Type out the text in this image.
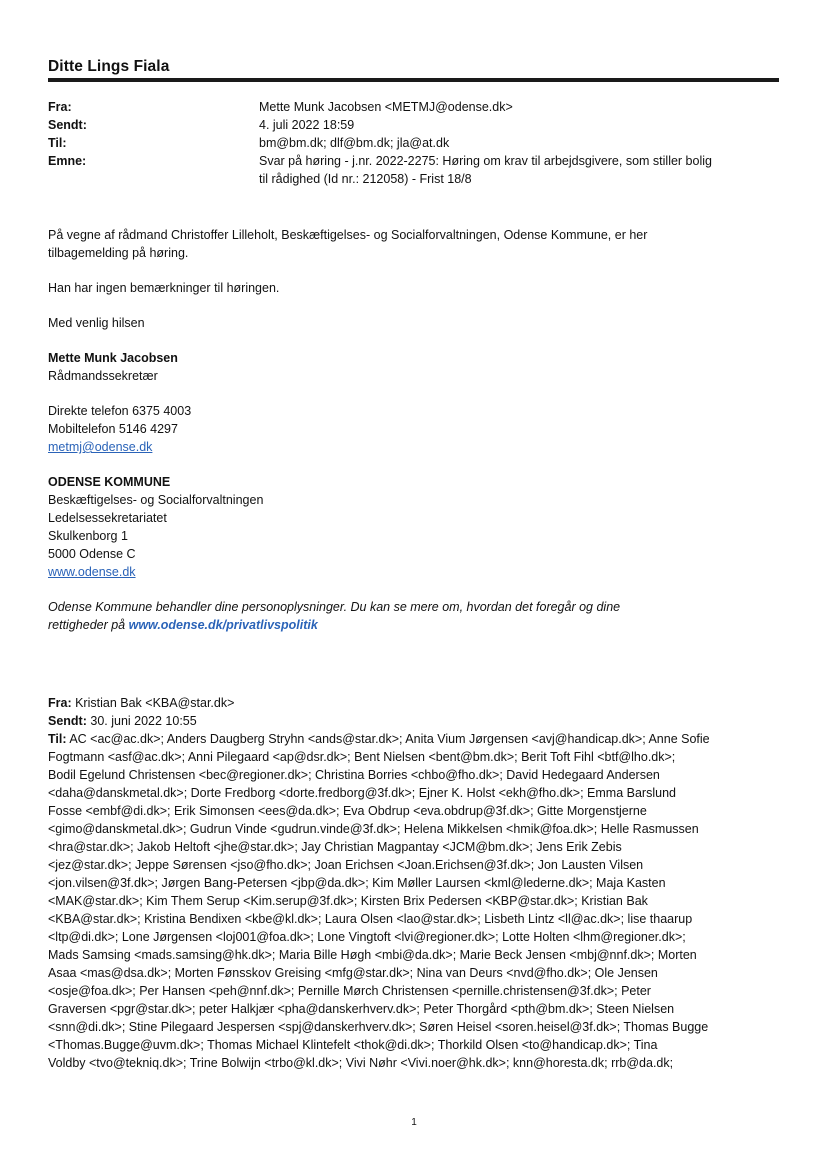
Ditte Lings Fiala
Fra:	Mette Munk Jacobsen <METMJ@odense.dk>
Sendt:	4. juli 2022 18:59
Til:	bm@bm.dk; dlf@bm.dk; jla@at.dk
Emne:	Svar på høring - j.nr. 2022-2275: Høring om krav til arbejdsgivere, som stiller bolig
til rådighed (Id nr.: 212058) - Frist 18/8

På vegne af rådmand Christoffer Lilleholt, Beskæftigelses- og Socialforvaltningen, Odense Kommune, er her
tilbagemelding på høring.

Han har ingen bemærkninger til høringen.

Med venlig hilsen

Mette Munk Jacobsen

Rådmandssekretær

Direkte telefon 6375 4003

Mobiltelefon 5146 4297

metmj@odense.dk

ODENSE KOMMUNE

Beskæftigelses- og Socialforvaltningen

Ledelsessekretariatet

Skulkenborg 1

5000 Odense C

www.odense.dk

Odense Kommune behandler dine personoplysninger. Du kan se mere om, hvordan det foregår og dine
rettigheder på www.odense.dk/privatlivspolitik

Fra: Kristian Bak <KBA@star.dk>

Sendt: 30. juni 2022 10:55

Til: AC <ac@ac.dk>; Anders Daugberg Stryhn <ands@star.dk>; Anita Vium Jørgensen <avj@handicap.dk>; Anne Sofie

Fogtmann <asf@ac.dk>; Anni Pilegaard <ap@dsr.dk>; Bent Nielsen <bent@bm.dk>; Berit Toft Fihl <btf@lho.dk>;

Bodil Egelund Christensen <bec@regioner.dk>; Christina Borries <chbo@fho.dk>; David Hedegaard Andersen

<daha@danskmetal.dk>; Dorte Fredborg <dorte.fredborg@3f.dk>; Ejner K. Holst <ekh@fho.dk>; Emma Barslund

Fosse <embf@di.dk>; Erik Simonsen <ees@da.dk>; Eva Obdrup <eva.obdrup@3f.dk>; Gitte Morgenstjerne

<gimo@danskmetal.dk>; Gudrun Vinde <gudrun.vinde@3f.dk>; Helena Mikkelsen <hmik@foa.dk>; Helle Rasmussen

<hra@star.dk>; Jakob Heltoft <jhe@star.dk>; Jay Christian Magpantay <JCM@bm.dk>; Jens Erik Zebis

<jez@star.dk>; Jeppe Sørensen <jso@fho.dk>; Joan Erichsen <Joan.Erichsen@3f.dk>; Jon Lausten Vilsen

<jon.vilsen@3f.dk>; Jørgen Bang-Petersen <jbp@da.dk>; Kim Møller Laursen <kml@lederne.dk>; Maja Kasten

<MAK@star.dk>; Kim Them Serup <Kim.serup@3f.dk>; Kirsten Brix Pedersen <KBP@star.dk>; Kristian Bak

<KBA@star.dk>; Kristina Bendixen <kbe@kl.dk>; Laura Olsen <lao@star.dk>; Lisbeth Lintz <ll@ac.dk>; lise thaarup

<ltp@di.dk>; Lone Jørgensen <loj001@foa.dk>; Lone Vingtoft <lvi@regioner.dk>; Lotte Holten <lhm@regioner.dk>;

Mads Samsing <mads.samsing@hk.dk>; Maria Bille Høgh <mbi@da.dk>; Marie Beck Jensen <mbj@nnf.dk>; Morten

Asaa <mas@dsa.dk>; Morten Fønsskov Greising <mfg@star.dk>; Nina van Deurs <nvd@fho.dk>; Ole Jensen

<osje@foa.dk>; Per Hansen <peh@nnf.dk>; Pernille Mørch Christensen <pernille.christensen@3f.dk>; Peter

Graversen <pgr@star.dk>; peter Halkjær <pha@danskerhverv.dk>; Peter Thorgård <pth@bm.dk>; Steen Nielsen

<snn@di.dk>; Stine Pilegaard Jespersen <spj@danskerhverv.dk>; Søren Heisel <soren.heisel@3f.dk>; Thomas Bugge

<Thomas.Bugge@uvm.dk>; Thomas Michael Klintefelt <thok@di.dk>; Thorkild Olsen <to@handicap.dk>; Tina

Voldby <tvo@tekniq.dk>; Trine Bolwijn <trbo@kl.dk>; Vivi Nøhr <Vivi.noer@hk.dk>; knn@horesta.dk; rrb@da.dk;

1
